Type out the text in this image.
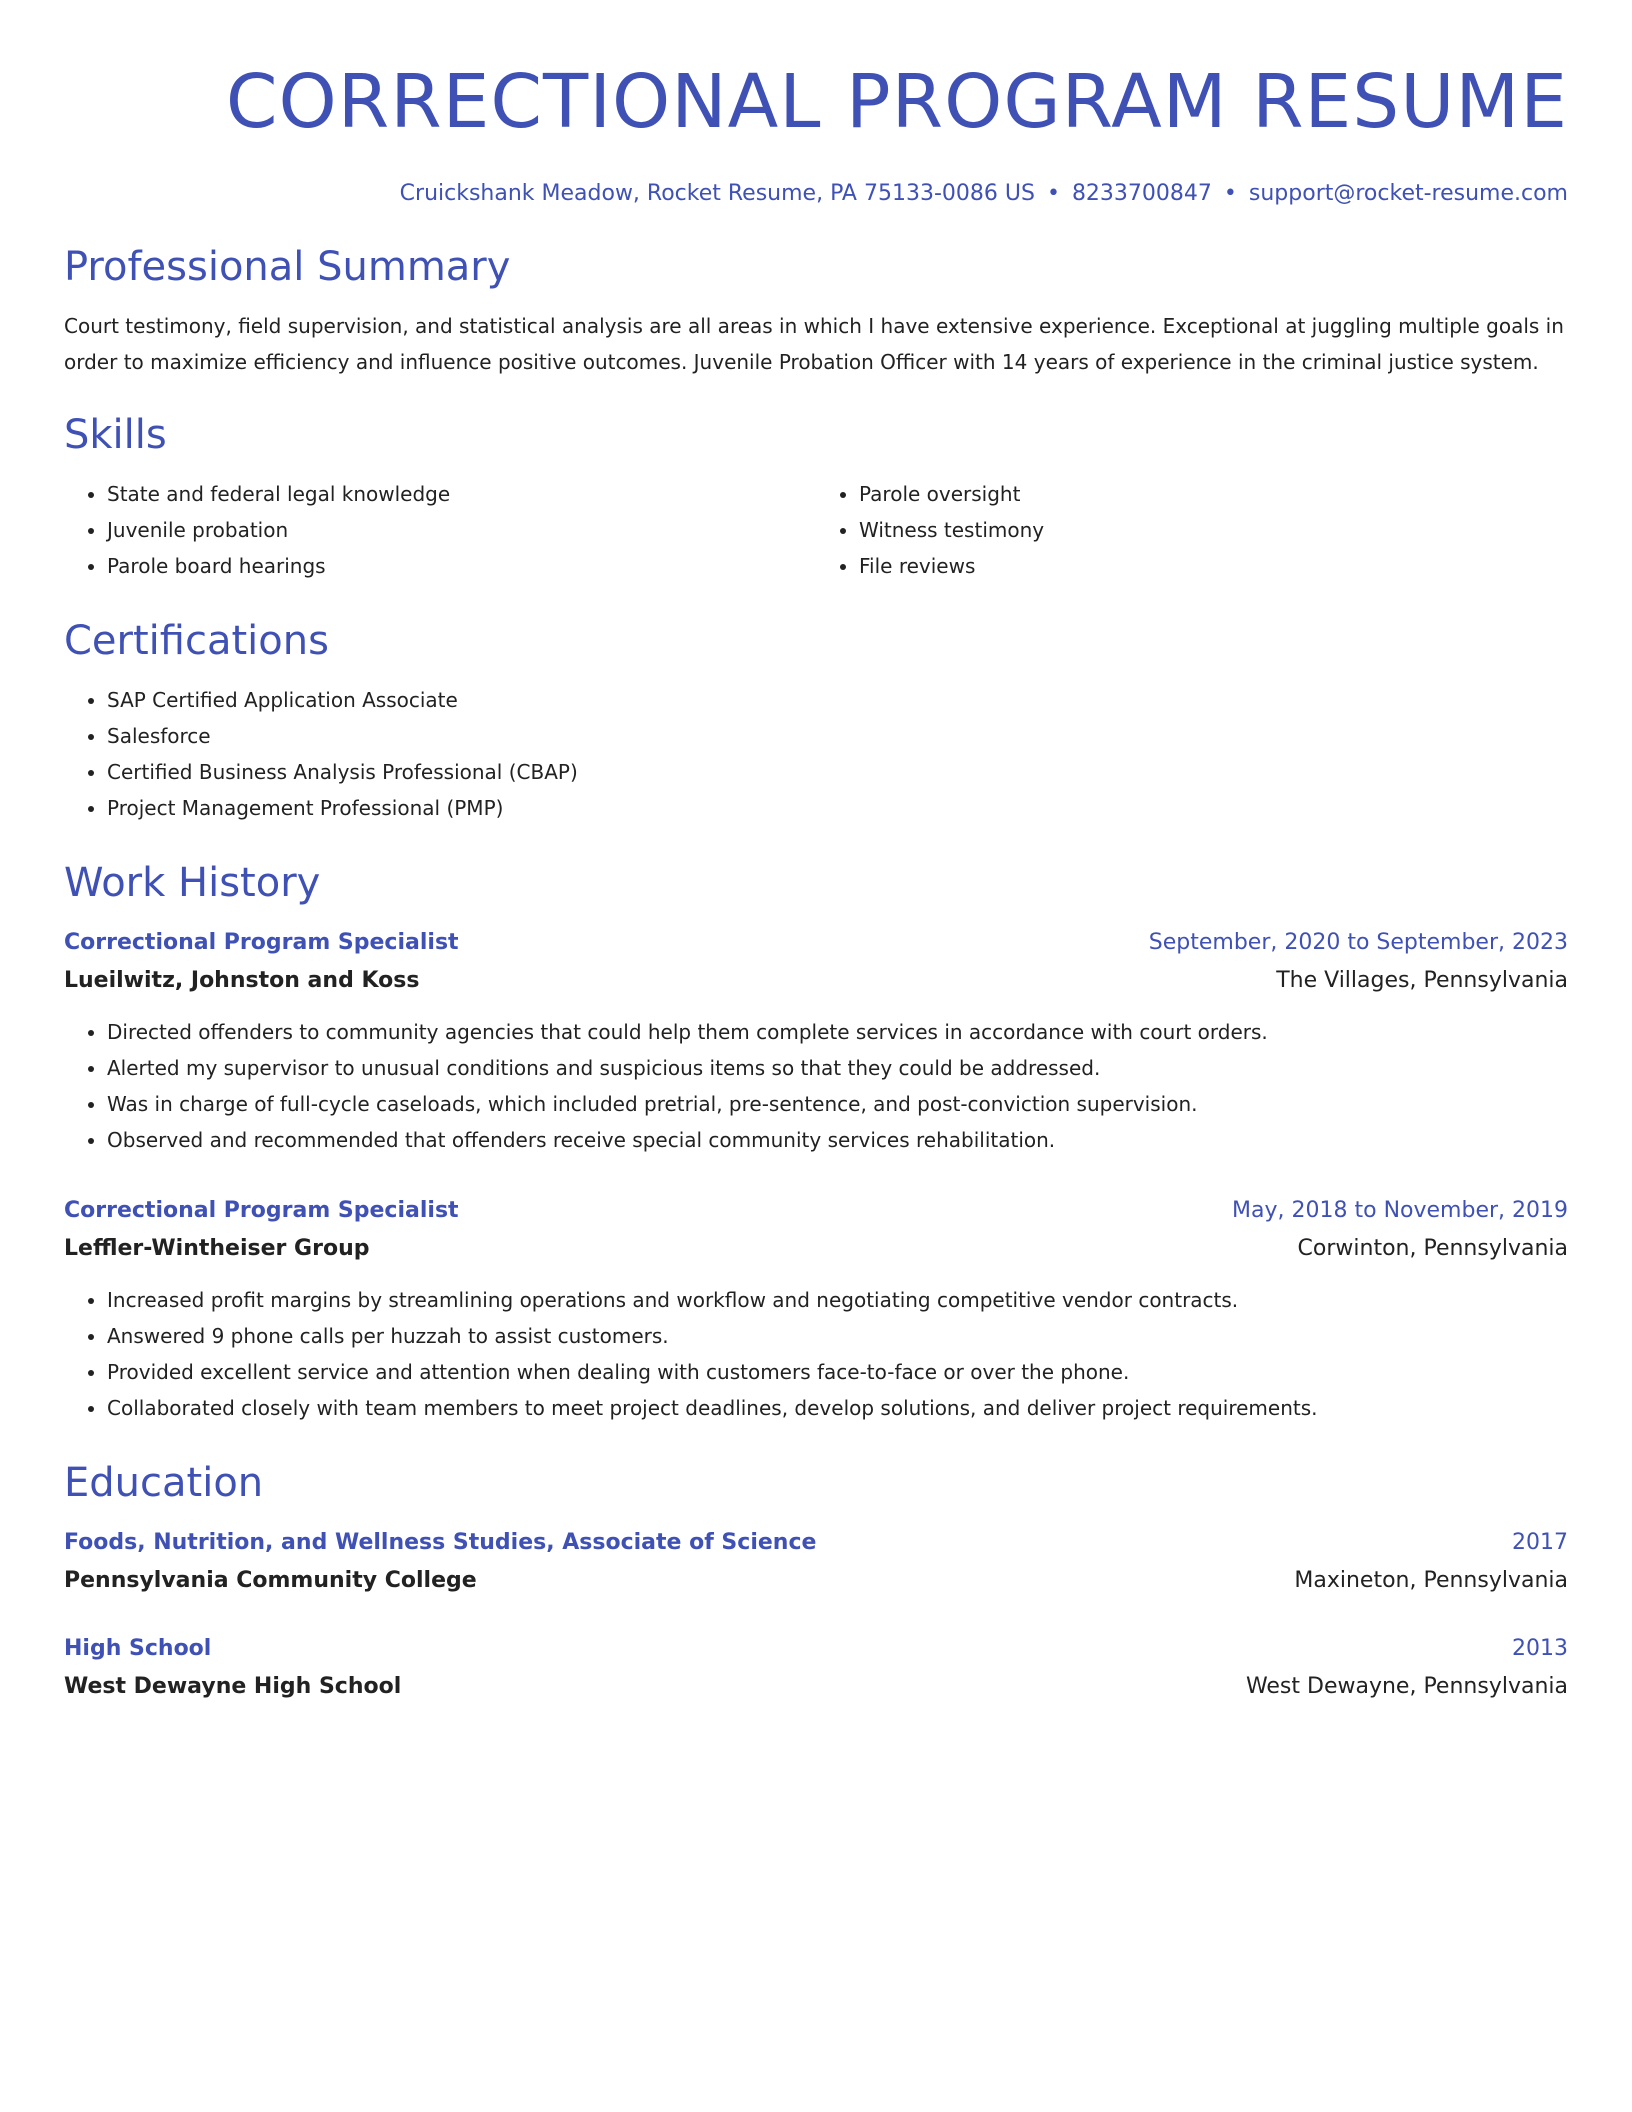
CORRECTIONAL PROGRAM RESUME
Cruickshank Meadow, Rocket Resume, PA 75133-0086 US • 8233700847 • support@rocket-resume.com
Professional Summary

Court testimony, field supervision, and statistical analysis are all areas in which I have extensive experience. Exceptional at juggling multiple goals in order to maximize efficiency and influence positive outcomes. Juvenile Probation Officer with 14 years of experience in the criminal justice system.

Skills
• State and federal legal knowledge
• Juvenile probation
• Parole board hearings
• Parole oversight
• Witness testimony
• File reviews
Certifications
• SAP Certified Application Associate
• Salesforce
• Certified Business Analysis Professional (CBAP)
• Project Management Professional (PMP)
Work History
Correctional Program Specialist	September, 2020 to September, 2023
Lueilwitz, Johnston and Koss	The Villages, Pennsylvania
• Directed offenders to community agencies that could help them complete services in accordance with court orders.
• Alerted my supervisor to unusual conditions and suspicious items so that they could be addressed.
• Was in charge of full-cycle caseloads, which included pretrial, pre-sentence, and post-conviction supervision.
• Observed and recommended that offenders receive special community services rehabilitation.
Correctional Program Specialist	May, 2018 to November, 2019
Leffler-Wintheiser Group	Corwinton, Pennsylvania
• Increased profit margins by streamlining operations and workflow and negotiating competitive vendor contracts.
• Answered 9 phone calls per huzzah to assist customers.
• Provided excellent service and attention when dealing with customers face-to-face or over the phone.
• Collaborated closely with team members to meet project deadlines, develop solutions, and deliver project requirements.
Education
Foods, Nutrition, and Wellness Studies, Associate of Science	2017
Pennsylvania Community College	Maxineton, Pennsylvania
High School	2013
West Dewayne High School	West Dewayne, Pennsylvania
